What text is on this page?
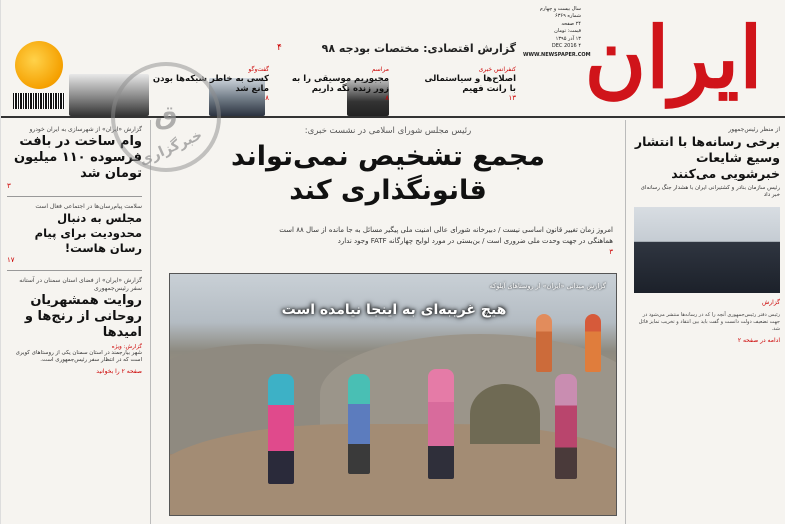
ایران
سال بیست و چهارم
شماره ۶۳۶۹
۲۴ صفحه
قیمت: تومان
۱۳ آذر ۱۳۹۵
۴ DEC 2016
WWW.NEWSPAPER.COM
گزارش اقتصادی: مختصات بودجه ۹۸
۴
کنفرانس خبری
اصلاح‌ها و سیاستمالی با رانت فهیم
۱۳
مراسم
مجبوریم موسیقی را به زور زنده نگه داریم
۸
گفت‌وگو
کسی به خاطر شبکه‌ها بودن مانع شد
۸
گزارش «ایران» از شهرسازی به ایران خودرو
وام ساخت در بافت فرسوده ۱۱۰ میلیون تومان شد
۳
سلامت پیام‌رسان‌ها در اجتماعی فعال است
مجلس به دنبال محدودیت برای پیام رسان هاست!
۱۷
گزارش «ایران» از فضای استان سمنان در آستانه سفر رئیس‌جمهوری
روایت همشهریان روحانی از رنج‌ها و امیدها
گزارش: ویژه
شهر بیارجمند در استان سمنان یکی از روستاهای کویری است که در انتظار سفر رئیس‌جمهوری است.
صفحه ۲ را بخوانید
رئیس مجلس شورای اسلامی در نشست خبری:
مجمع تشخیص نمی‌تواند
قانونگذاری کند
امروز زمان تغییر قانون اساسی نیست / دبیرخانه شورای عالی امنیت ملی پیگیر مسائل به جا مانده از سال ۸۸ است
هماهنگی در جهت وحدت ملی ضروری است / بن‌بستی در مورد لوایح چهارگانه FATF وجود ندارد
۳
گزارش میدانی «ایران» از روستاهای آیلوکه
هیچ غریبه‌ای به اینجا نیامده است
از منظر رئیس‌جمهور
برخی رسانه‌ها با انتشار وسیع شایعات خبرشویی می‌کنند
رئیس سازمان بنادر و کشتیرانی ایران با هشدار جنگ رسانه‌ای خبر داد
گزارش
رئیس دفتر رئیس‌جمهوری آنچه را که در رسانه‌ها منتشر می‌شود در جهت تضعیف دولت دانست و گفت باید بین انتقاد و تخریب تمایز قائل شد.
ادامه در صفحه ۲
ق
خبرگزاری
